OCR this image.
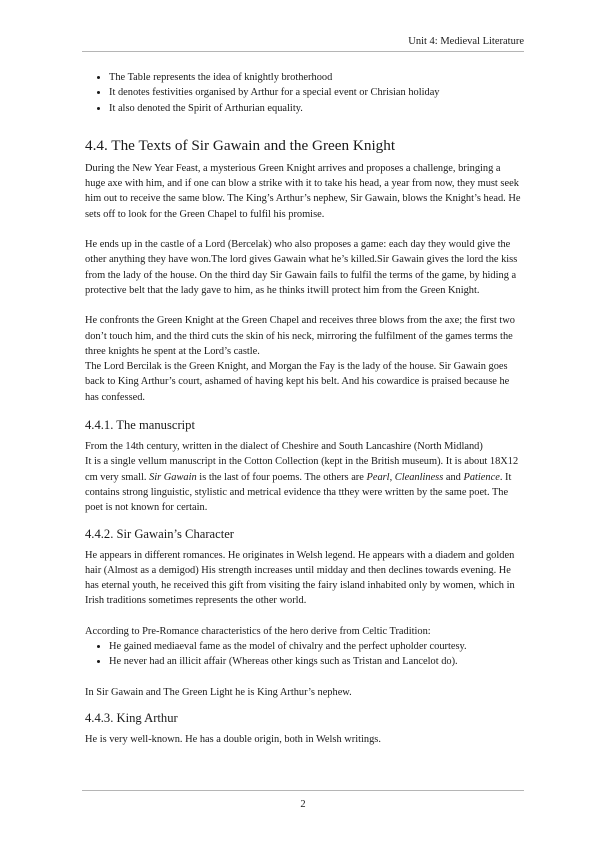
Unit 4: Medieval Literature
• The Table represents the idea of knightly brotherhood
• It denotes festivities organised by Arthur for a special event or Chrisian holiday
• It also denoted the Spirit of Arthurian equality.
4.4. The Texts of Sir Gawain and the Green Knight

During the New Year Feast, a mysterious Green Knight arrives and proposes a challenge, bringing a huge axe with him, and if one can blow a strike with it to take his head, a year from now, they must seek him out to receive the same blow. The King’s Arthur’s nephew, Sir Gawain, blows the Knight’s head. He sets off to look for the Green Chapel to fulfil his promise.

He ends up in the castle of a Lord (Bercelak) who also proposes a game: each day they would give the other anything they have won.The lord gives Gawain what he’s killed.Sir Gawain gives the lord the kiss from the lady of the house. On the third day Sir Gawain fails to fulfil the terms of the game, by hiding a protective belt that the lady gave to him, as he thinks itwill protect him from the Green Knight.

He confronts the Green Knight at the Green Chapel and receives three blows from the axe; the first two don’t touch him, and the third cuts the skin of his neck, mirroring the fulfilment of the games terms the three knights he spent at the Lord’s castle.

The Lord Bercilak is the Green Knight, and Morgan the Fay is the lady of the house. Sir Gawain goes back to King Arthur’s court, ashamed of having kept his belt. And his cowardice is praised because he has confessed.

4.4.1. The manuscript

From the 14th century, written in the dialect of Cheshire and South Lancashire (North Midland)

It is a single vellum manuscript in the Cotton Collection (kept in the British museum). It is about 18X12 cm very small. Sir Gawain is the last of four poems. The others are Pearl, Cleanliness and Patience. It contains strong linguistic, stylistic and metrical evidence tha tthey were written by the same poet. The poet is not known for certain.

4.4.2. Sir Gawain’s Character

He appears in different romances. He originates in Welsh legend. He appears with a diadem and golden hair (Almost as a demigod) His strength increases until midday and then declines towards evening. He has eternal youth, he received this gift from visiting the fairy island inhabited only by women, which in Irish traditions sometimes represents the other world.

According to Pre-Romance characteristics of the hero derive from Celtic Tradition:

• He gained mediaeval fame as the model of chivalry and the perfect upholder courtesy.
• He never had an illicit affair (Whereas other kings such as Tristan and Lancelot do).

In Sir Gawain and The Green Light he is King Arthur’s nephew.

4.4.3. King Arthur

He is very well-known. He has a double origin, both in Welsh writings.

2
